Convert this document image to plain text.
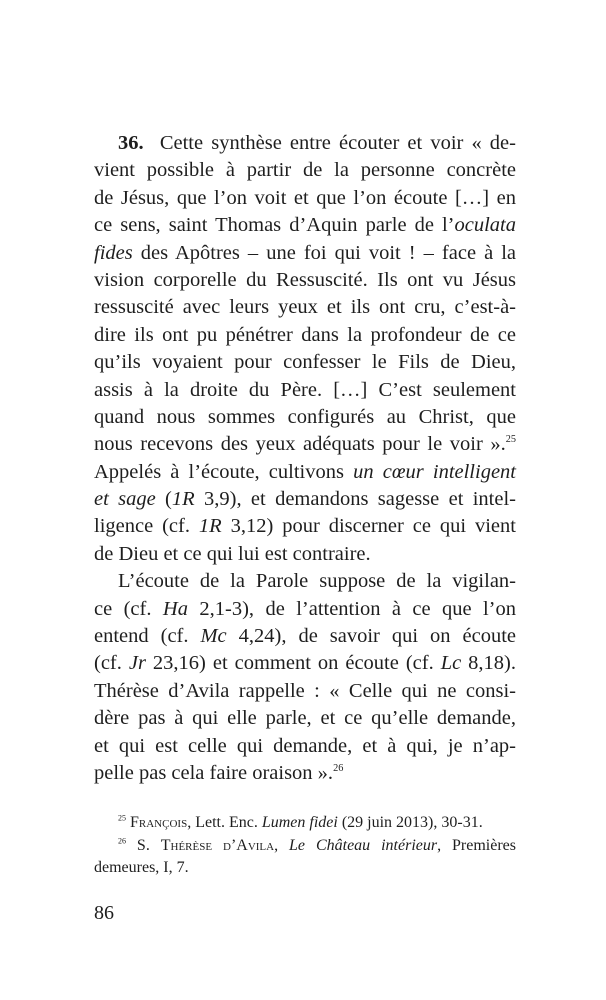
36.  Cette synthèse entre écouter et voir « de-
vient possible à partir de la personne concrète
de Jésus, que l’on voit et que l’on écoute […] en
ce sens, saint Thomas d’Aquin parle de l’oculata
fides des Apôtres – une foi qui voit ! – face à la
vision corporelle du Ressuscité. Ils ont vu Jésus
ressuscité avec leurs yeux et ils ont cru, c’est-à-
dire ils ont pu pénétrer dans la profondeur de ce
qu’ils voyaient pour confesser le Fils de Dieu,
assis à la droite du Père. […] C’est seulement
quand nous sommes configurés au Christ, que
nous recevons des yeux adéquats pour le voir ».$^{25}$
Appelés à l’écoute, cultivons un cœur intelligent
et sage (1R 3,9), et demandons sagesse et intel-
ligence (cf. 1R 3,12) pour discerner ce qui vient
de Dieu et ce qui lui est contraire.
L’écoute de la Parole suppose de la vigilan-
ce (cf. Ha 2,1-3), de l’attention à ce que l’on
entend (cf. Mc 4,24), de savoir qui on écoute
(cf. Jr 23,16) et comment on écoute (cf. Lc 8,18).
Thérèse d’Avila rappelle : « Celle qui ne consi-
dère pas à qui elle parle, et ce qu’elle demande,
et qui est celle qui demande, et à qui, je n’ap-
pelle pas cela faire oraison ».$^{26}$
$^{25}$ François, Lett. Enc. Lumen fidei (29 juin 2013), 30-31.
$^{26}$ S. Thérèse d’Avila, Le Château intérieur, Premières
demeures, I, 7.
86
